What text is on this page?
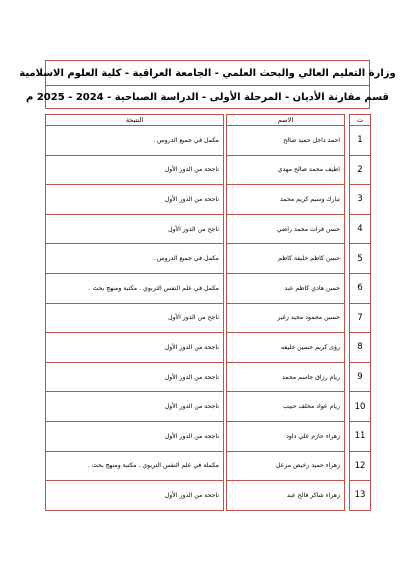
وزارة التعليم العالي والبحث العلمي - الجامعة العراقية - كلية العلوم الاسلامية
قسم مقارنة الأديان - المرحلة الأولى - الدراسة الصباحية - 2024 - 2025 م
ت		الاسم		النتيجة
1		احمد داخل حميد صالح		مكمل في جميع الدروس .
2		اطيف محمد صالح مهدي		ناجحة من الدور الأول
3		تبارك وسيم كريم محمد		ناجحة من الدور الأول
4		حسن فرات محمد راضي		ناجح من الدور الأول
5		حسن كاظم خليفة كاظم		مكمل في جميع الدروس .
6		حسن هادي كاظم عبد		مكمل في علم النفس التربوي . مكتبة ومنهج بحث .
7		حسين محمود مجيد زغير		ناجح من الدور الأول
8		رؤى كريم حسين خليفه		ناجحة من الدور الأول
9		ريام رزاق جاسم محمد		ناجحة من الدور الأول
10		ريام عواد مخلف حبيب		ناجحة من الدور الأول
11		زهراء حازم علي داود		ناجحة من الدور الأول
12		زهراء حميد رخيص مزعل		مكملة في علم النفس التربوي . مكتبة ومنهج بحث .
13		زهراء شاكر فالح عبد		ناجحة من الدور الأول
